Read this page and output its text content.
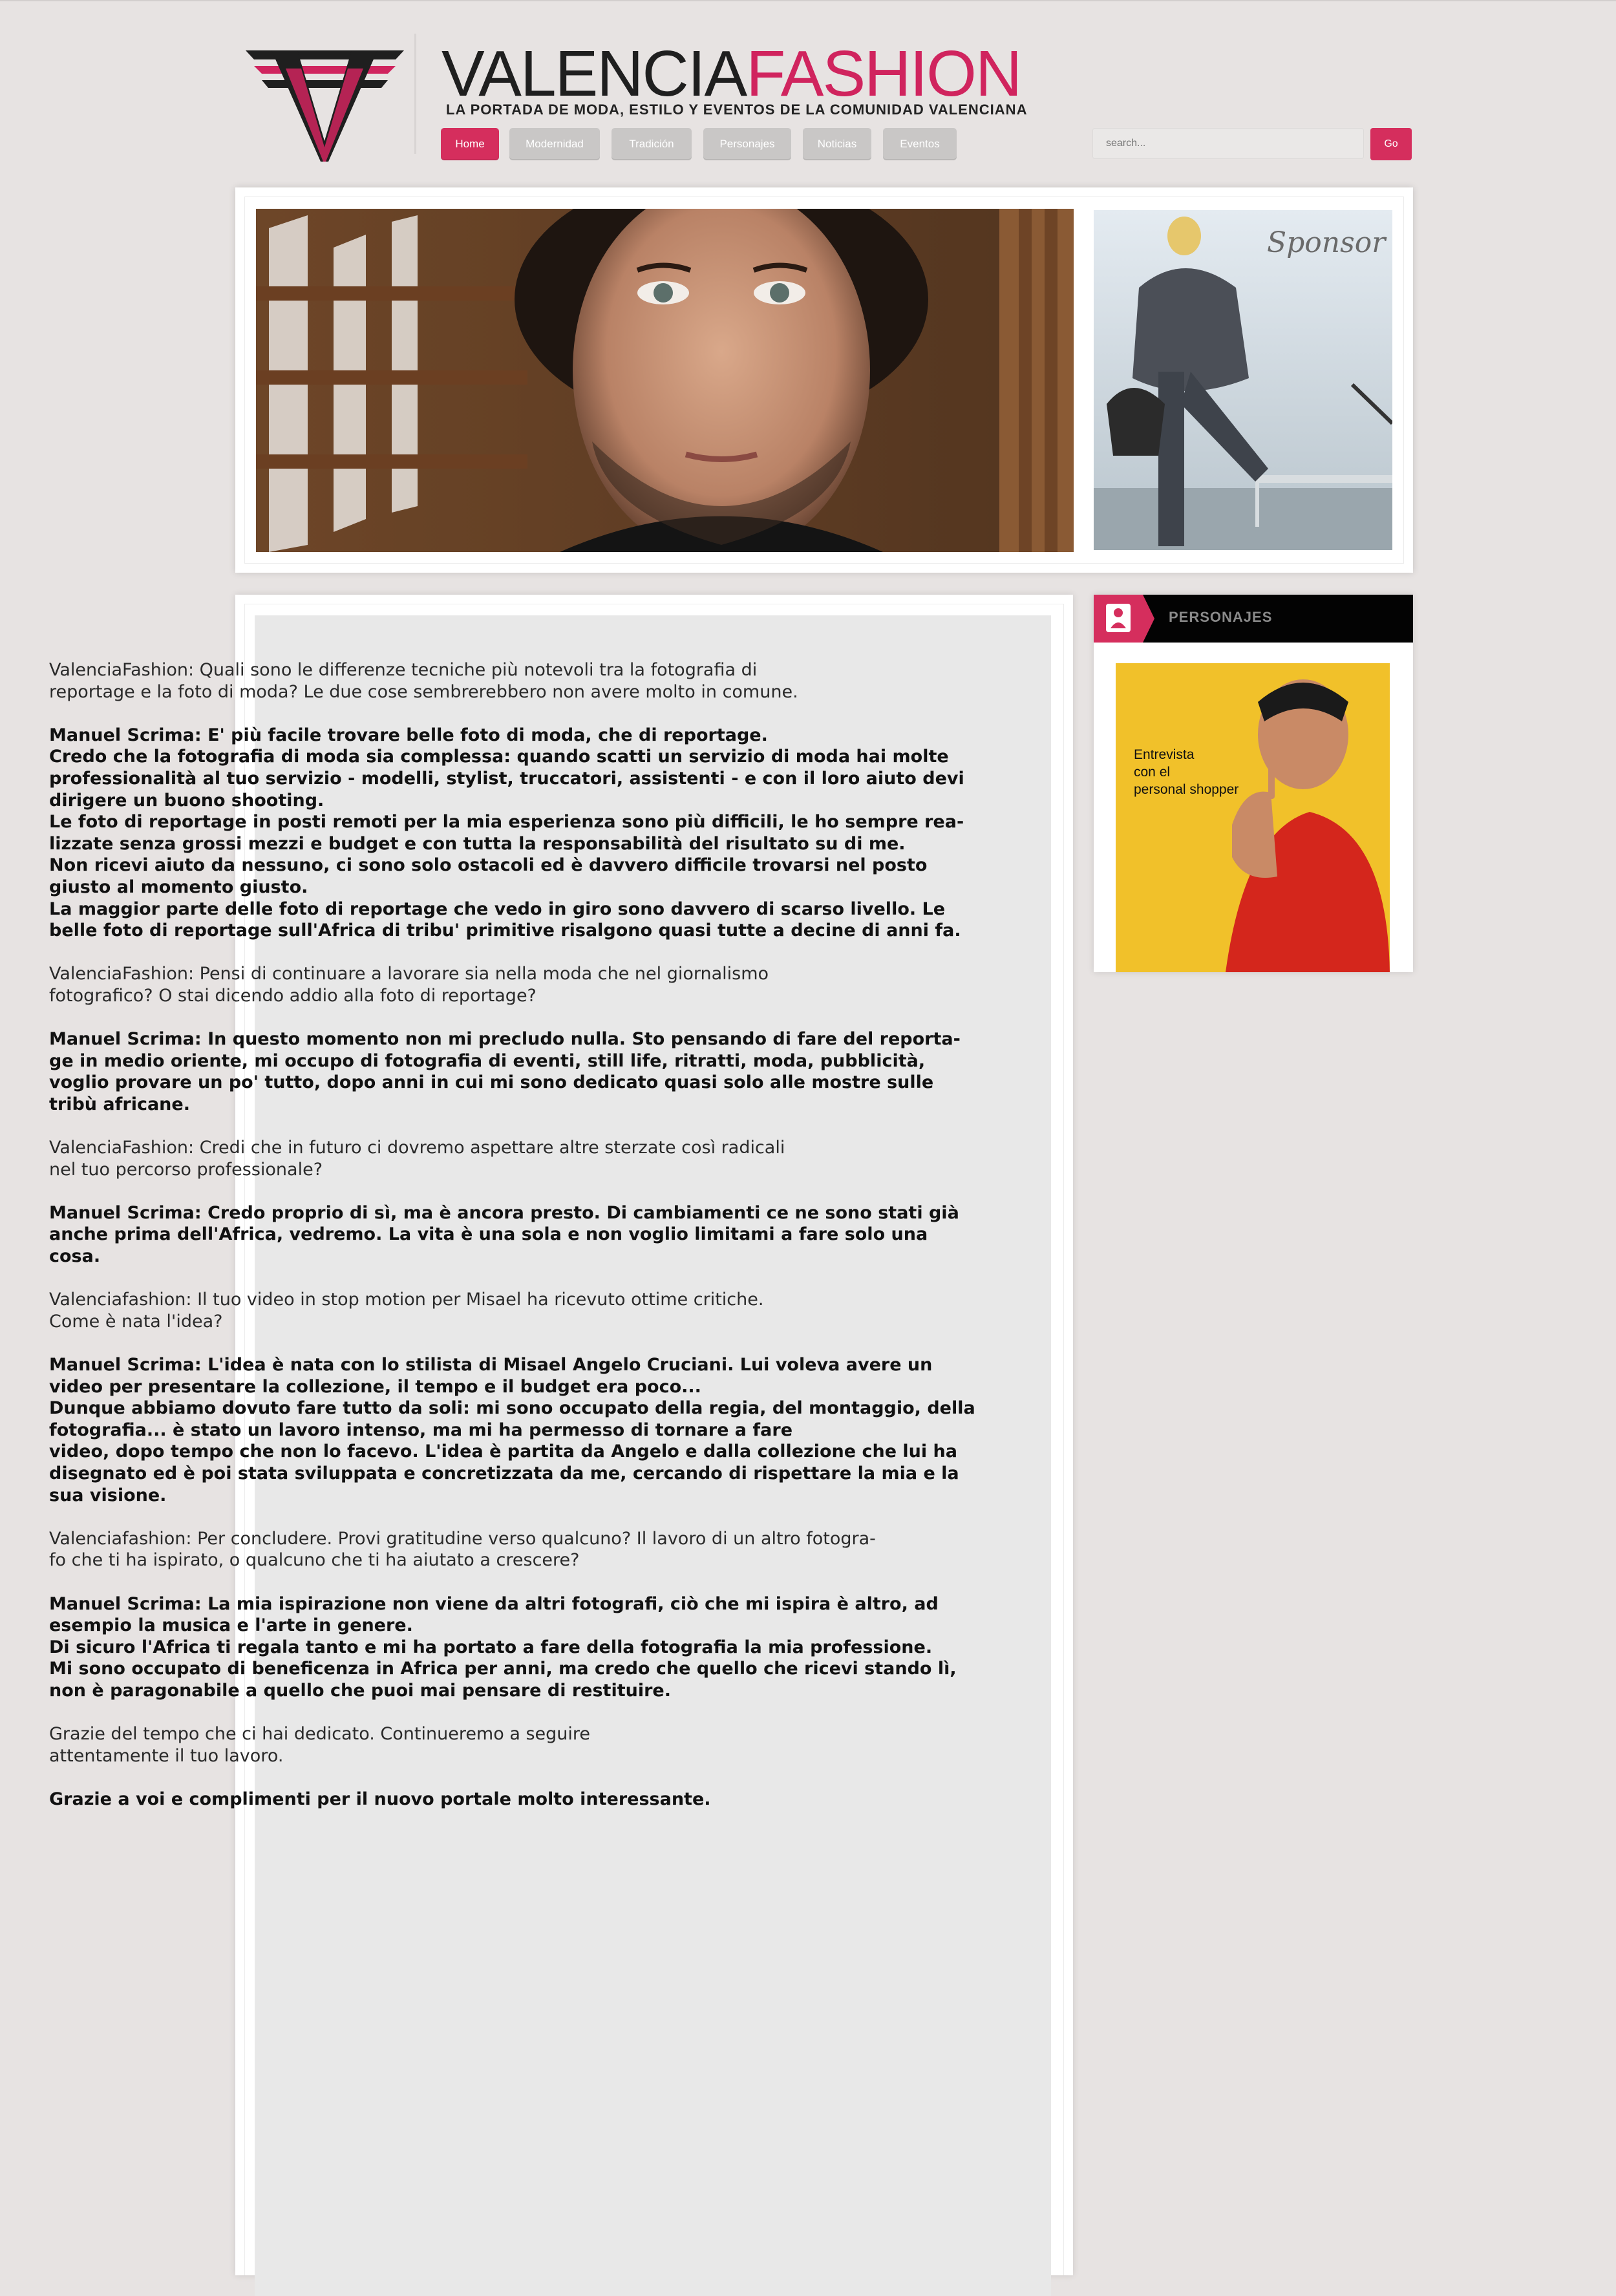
VALENCIAFASHION
LA PORTADA DE MODA, ESTILO Y EVENTOS DE LA COMUNIDAD VALENCIANA
Home	Modernidad	Tradición	Personajes	Noticias	Eventos
search...	Go
Sponsor

ValenciaFashion: Quali sono le differenze tecniche più notevoli tra la fotografia di
reportage e la foto di moda? Le due cose sembrerebbero non avere molto in comune.

Manuel Scrima: E' più facile trovare belle foto di moda, che di reportage.
Credo che la fotografia di moda sia complessa: quando scatti un servizio di moda hai molte
professionalità al tuo servizio - modelli, stylist, truccatori, assistenti - e con il loro aiuto devi
dirigere un buono shooting.
Le foto di reportage in posti remoti per la mia esperienza sono più difficili, le ho sempre rea-
lizzate senza grossi mezzi e budget e con tutta la responsabilità del risultato su di me.
Non ricevi aiuto da nessuno, ci sono solo ostacoli ed è davvero difficile trovarsi nel posto
giusto al momento giusto.
La maggior parte delle foto di reportage che vedo in giro sono davvero di scarso livello. Le
belle foto di reportage sull'Africa di tribu' primitive risalgono quasi tutte a decine di anni fa.

ValenciaFashion: Pensi di continuare a lavorare sia nella moda che nel giornalismo
fotografico? O stai dicendo addio alla foto di reportage?

Manuel Scrima: In questo momento non mi precludo nulla. Sto pensando di fare del reporta-
ge in medio oriente, mi occupo di fotografia di eventi, still life, ritratti, moda, pubblicità,
voglio provare un po' tutto, dopo anni in cui mi sono dedicato quasi solo alle mostre sulle
tribù africane.

ValenciaFashion: Credi che in futuro ci dovremo aspettare altre sterzate così radicali
nel tuo percorso professionale?

Manuel Scrima: Credo proprio di sì, ma è ancora presto. Di cambiamenti ce ne sono stati già
anche prima dell'Africa, vedremo. La vita è una sola e non voglio limitami a fare solo una
cosa.

Valenciafashion: Il tuo video in stop motion per Misael ha ricevuto ottime critiche.
Come è nata l'idea?

Manuel Scrima: L'idea è nata con lo stilista di Misael Angelo Cruciani. Lui voleva avere un
video per presentare la collezione, il tempo e il budget era poco...
Dunque abbiamo dovuto fare tutto da soli: mi sono occupato della regia, del montaggio, della
fotografia... è stato un lavoro intenso, ma mi ha permesso di tornare a fare
video, dopo tempo che non lo facevo. L'idea è partita da Angelo e dalla collezione che lui ha
disegnato ed è poi stata sviluppata e concretizzata da me, cercando di rispettare la mia e la
sua visione.

Valenciafashion: Per concludere. Provi gratitudine verso qualcuno? Il lavoro di un altro fotogra-
fo che ti ha ispirato, o qualcuno che ti ha aiutato a crescere?

Manuel Scrima: La mia ispirazione non viene da altri fotografi, ciò che mi ispira è altro, ad
esempio la musica e l'arte in genere.
Di sicuro l'Africa ti regala tanto e mi ha portato a fare della fotografia la mia professione.
Mi sono occupato di beneficenza in Africa per anni, ma credo che quello che ricevi stando lì,
non è paragonabile a quello che puoi mai pensare di restituire.

Grazie del tempo che ci hai dedicato. Continueremo a seguire
attentamente il tuo lavoro.

Grazie a voi e complimenti per il nuovo portale molto interessante.

PERSONAJES
Entrevista
con el
personal shopper
